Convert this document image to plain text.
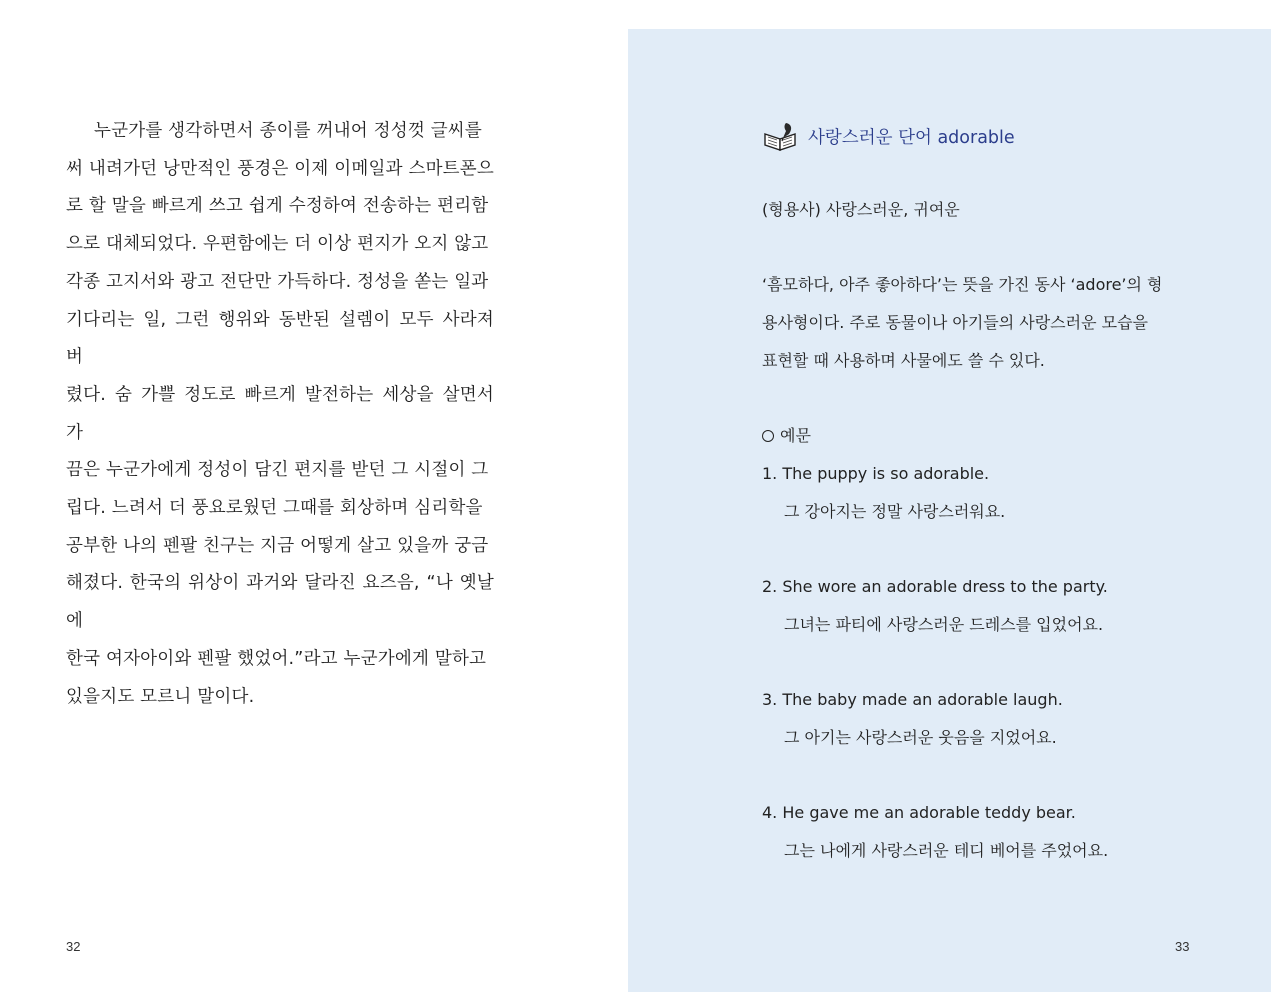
누군가를 생각하면서 종이를 꺼내어 정성껏 글씨를
써 내려가던 낭만적인 풍경은 이제 이메일과 스마트폰으
로 할 말을 빠르게 쓰고 쉽게 수정하여 전송하는 편리함
으로 대체되었다. 우편함에는 더 이상 편지가 오지 않고
각종 고지서와 광고 전단만 가득하다. 정성을 쏟는 일과
기다리는 일, 그런 행위와 동반된 설렘이 모두 사라져 버
렸다. 숨 가쁠 정도로 빠르게 발전하는 세상을 살면서 가
끔은 누군가에게 정성이 담긴 편지를 받던 그 시절이 그
립다. 느려서 더 풍요로웠던 그때를 회상하며 심리학을
공부한 나의 펜팔 친구는 지금 어떻게 살고 있을까 궁금
해졌다. 한국의 위상이 과거와 달라진 요즈음, “나 옛날에
한국 여자아이와 펜팔 했었어.”라고 누군가에게 말하고
있을지도 모르니 말이다.
32
사랑스러운 단어 adorable
(형용사) 사랑스러운, 귀여운
‘흠모하다, 아주 좋아하다’는 뜻을 가진 동사 ‘adore’의 형
용사형이다. 주로 동물이나 아기들의 사랑스러운 모습을
표현할 때 사용하며 사물에도 쓸 수 있다.
예문
1. The puppy is so adorable.
그 강아지는 정말 사랑스러워요.
2. She wore an adorable dress to the party.
그녀는 파티에 사랑스러운 드레스를 입었어요.
3. The baby made an adorable laugh.
그 아기는 사랑스러운 웃음을 지었어요.
4. He gave me an adorable teddy bear.
그는 나에게 사랑스러운 테디 베어를 주었어요.
33
